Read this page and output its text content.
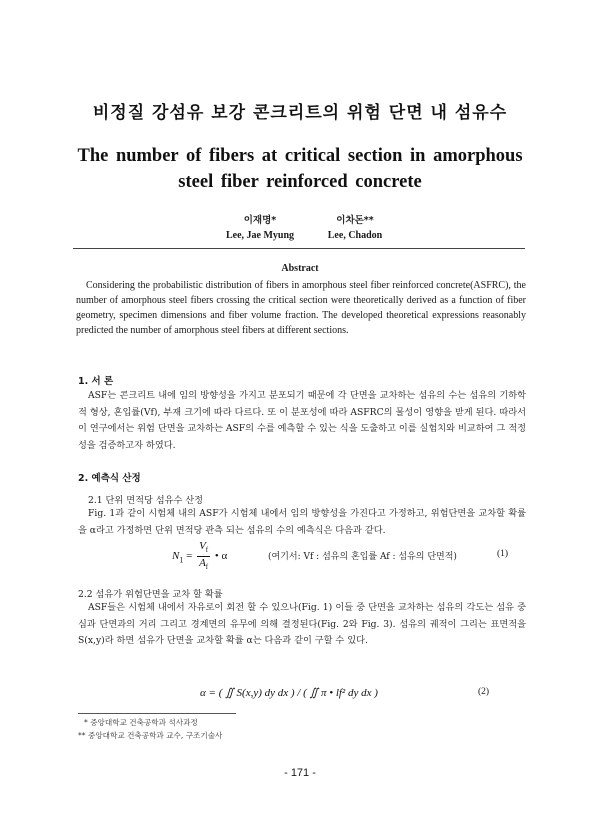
비정질 강섬유 보강 콘크리트의 위험 단면 내 섬유수
The number of fibers at critical section in amorphous
steel fiber reinforced concrete
이재명*
Lee, Jae Myung
이차돈**
Lee, Chadon
Abstract
Considering the probabilistic distribution of fibers in amorphous steel fiber reinforced concrete(ASFRC), the number of amorphous steel fibers crossing the critical section were theoretically derived as a function of fiber geometry, specimen dimensions and fiber volume fraction. The developed theoretical expressions reasonably predicted the number of amorphous steel fibers at different sections.
1. 서 론
ASF는 콘크리트 내에 임의 방향성을 가지고 분포되기 때문에 각 단면을 교차하는 섬유의 수는 섬유의 기하학적 형상, 혼입률(Vf), 부재 크기에 따라 다르다. 또 이 분포성에 따라 ASFRC의 물성이 영향을 받게 된다. 따라서 이 연구에서는 위험 단면을 교차하는 ASF의 수를 예측할 수 있는 식을 도출하고 이를 실험치와 비교하여 그 적정성을 검증하고자 하였다.
2. 예측식 산정
2.1 단위 면적당 섬유수 산정
Fig. 1과 같이 시험체 내의 ASF가 시험체 내에서 임의 방향성을 가진다고 가정하고, 위험단면을 교차할 확률을 α라고 가정하면 단위 면적당 관측 되는 섬유의 수의 예측식은 다음과 같다.
$N_1 = \frac{V_f}{A_f}$ • α	(여기서: Vf : 섬유의 혼입률 Af : 섬유의 단면적)	(1)
2.2 섬유가 위험단면을 교차 할 확률
ASF들은 시험체 내에서 자유로이 회전 할 수 있으나(Fig. 1) 이들 중 단면을 교차하는 섬유의 각도는 섬유 중심과 단면과의 거리 그리고 경계면의 유무에 의해 결정된다(Fig. 2와 Fig. 3). 섬유의 궤적이 그리는 표면적을 S(x,y)라 하면 섬유가 단면을 교차할 확률 α는 다음과 같이 구할 수 있다.
α = ( ∬ S(x,y) dy dx ) / ( ∬ π • lf² dy dx )	(2)
* 중앙대학교 건축공학과 석사과정
** 중앙대학교 건축공학과 교수, 구조기술사
- 171 -
